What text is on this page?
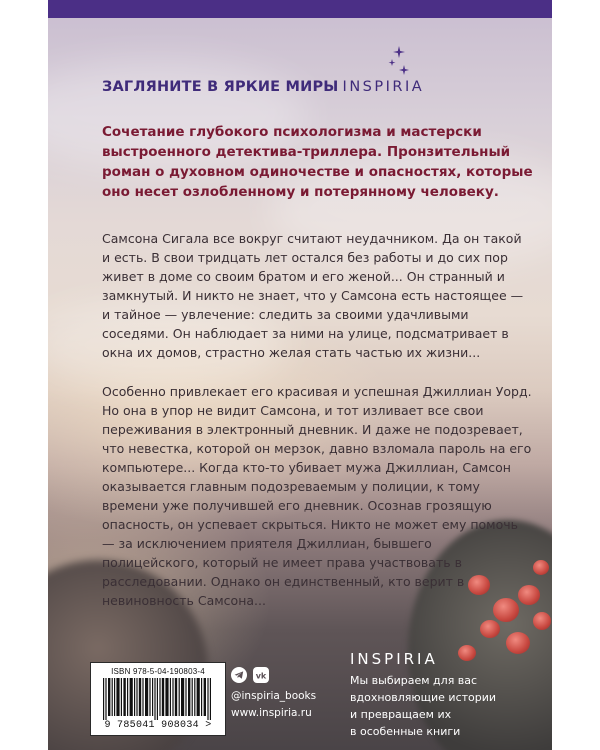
ЗАГЛЯНИТЕ В ЯРКИЕ МИРЫ INSPIRIA

Сочетание глубокого психологизма и мастерски выстроенного детектива-триллера. Пронзительный роман о духовном одиночестве и опасностях, которые оно несет озлобленному и потерянному человеку.

Самсона Сигала все вокруг считают неудачником. Да он такой и есть. В свои тридцать лет остался без работы и до сих пор живет в доме со своим братом и его женой... Он странный и замкнутый. И никто не знает, что у Самсона есть настоящее — и тайное — увлечение: следить за своими удачливыми соседями. Он наблюдает за ними на улице, подсматривает в окна их домов, страстно желая стать частью их жизни...

Особенно привлекает его красивая и успешная Джиллиан Уорд. Но она в упор не видит Самсона, и тот изливает все свои переживания в электронный дневник. И даже не подозревает, что невестка, которой он мерзок, давно взломала пароль на его компьютере... Когда кто-то убивает мужа Джиллиан, Самсон оказывается главным подозреваемым у полиции, к тому времени уже получившей его дневник. Осознав грозящую опасность, он успевает скрыться. Никто не может ему помочь — за исключением приятеля Джиллиан, бывшего полицейского, который не имеет права участвовать в расследовании. Однако он единственный, кто верит в невиновность Самсона...

ISBN 978-5-04-190803-4
9 785041 908034 >
vk
@inspiria_books
www.inspiria.ru
INSPIRIA
Мы выбираем для вас
вдохновляющие истории
и превращаем их
в особенные книги
